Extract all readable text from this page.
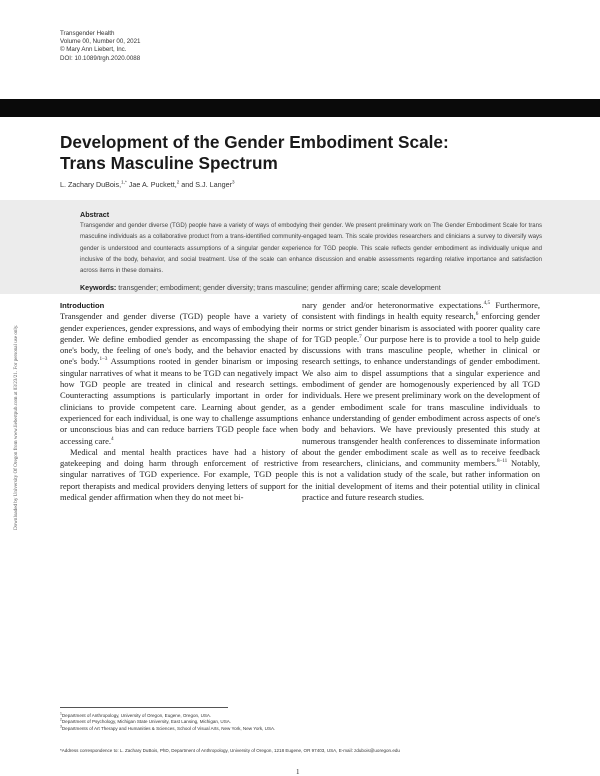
Transgender Health
Volume 00, Number 00, 2021
© Mary Ann Liebert, Inc.
DOI: 10.1089/trgh.2020.0088
Development of the Gender Embodiment Scale:
Trans Masculine Spectrum
L. Zachary DuBois,$^{1,*}$ Jae A. Puckett,$^2$ and S.J. Langer$^3$
Abstract
Transgender and gender diverse (TGD) people have a variety of ways of embodying their gender. We present preliminary work on The Gender Embodiment Scale for trans masculine individuals as a collaborative product from a trans-identified community-engaged team. This scale provides researchers and clinicians a survey to diversify ways gender is understood and counteracts assumptions of a singular gender experience for TGD people. This scale reflects gender embodiment as individually unique and inclusive of the body, behavior, and social treatment. Use of the scale can enhance discussion and enable assessments regarding relative importance and satisfaction across items in these domains.
Keywords: transgender; embodiment; gender diversity; trans masculine; gender affirming care; scale development
Downloaded by University Of Oregon from www.liebertpub.com at 03/23/21. For personal use only.
Introduction

Transgender and gender diverse (TGD) people have a variety of gender experiences, gender expressions, and ways of embodying their gender. We define embodied gender as encompassing the shape of one's body, the feeling of one's body, and the behavior enacted by one's body.$^{1-3}$ Assumptions rooted in gender binarism or imposing singular narratives of what it means to be TGD can negatively impact how TGD people are treated in clinical and research settings. Counteracting assumptions is particularly important in order for clinicians to provide competent care. Learning about gender, as experienced for each individual, is one way to challenge assumptions or unconscious bias and can reduce barriers TGD people face when accessing care.$^4$

Medical and mental health practices have had a history of gatekeeping and doing harm through enforcement of restrictive singular narratives of TGD experience. For example, TGD people report therapists and medical providers denying letters of support for medical gender affirmation when they do not meet bi-

nary gender and/or heteronormative expectations.$^{4,5}$ Furthermore, consistent with findings in health equity research,$^6$ enforcing gender norms or strict gender binarism is associated with poorer quality care for TGD people.$^7$ Our purpose here is to provide a tool to help guide discussions with trans masculine people, whether in clinical or research settings, to enhance understandings of gender embodiment. We also aim to dispel assumptions that a singular experience and embodiment of gender are homogenously experienced by all TGD individuals. Here we present preliminary work on the development of a gender embodiment scale for trans masculine individuals to enhance understanding of gender embodiment across aspects of one's body and behaviors. We have previously presented this study at numerous transgender health conferences to disseminate information about the gender embodiment scale as well as to receive feedback from researchers, clinicians, and community members.$^{8-11}$ Notably, this is not a validation study of the scale, but rather information on the initial development of items and their potential utility in clinical practice and future research studies.

$^1$Department of Anthropology, University of Oregon, Eugene, Oregon, USA.
$^2$Department of Psychology, Michigan State University, East Lansing, Michigan, USA.
$^3$Departments of Art Therapy and Humanities & Sciences, School of Visual Arts, New York, New York, USA.
*Address correspondence to: L. Zachary DuBois, PhD, Department of Anthropology, University of Oregon, 1218 Eugene, OR 97403, USA, E-mail: zdubois@uoregon.edu
1
